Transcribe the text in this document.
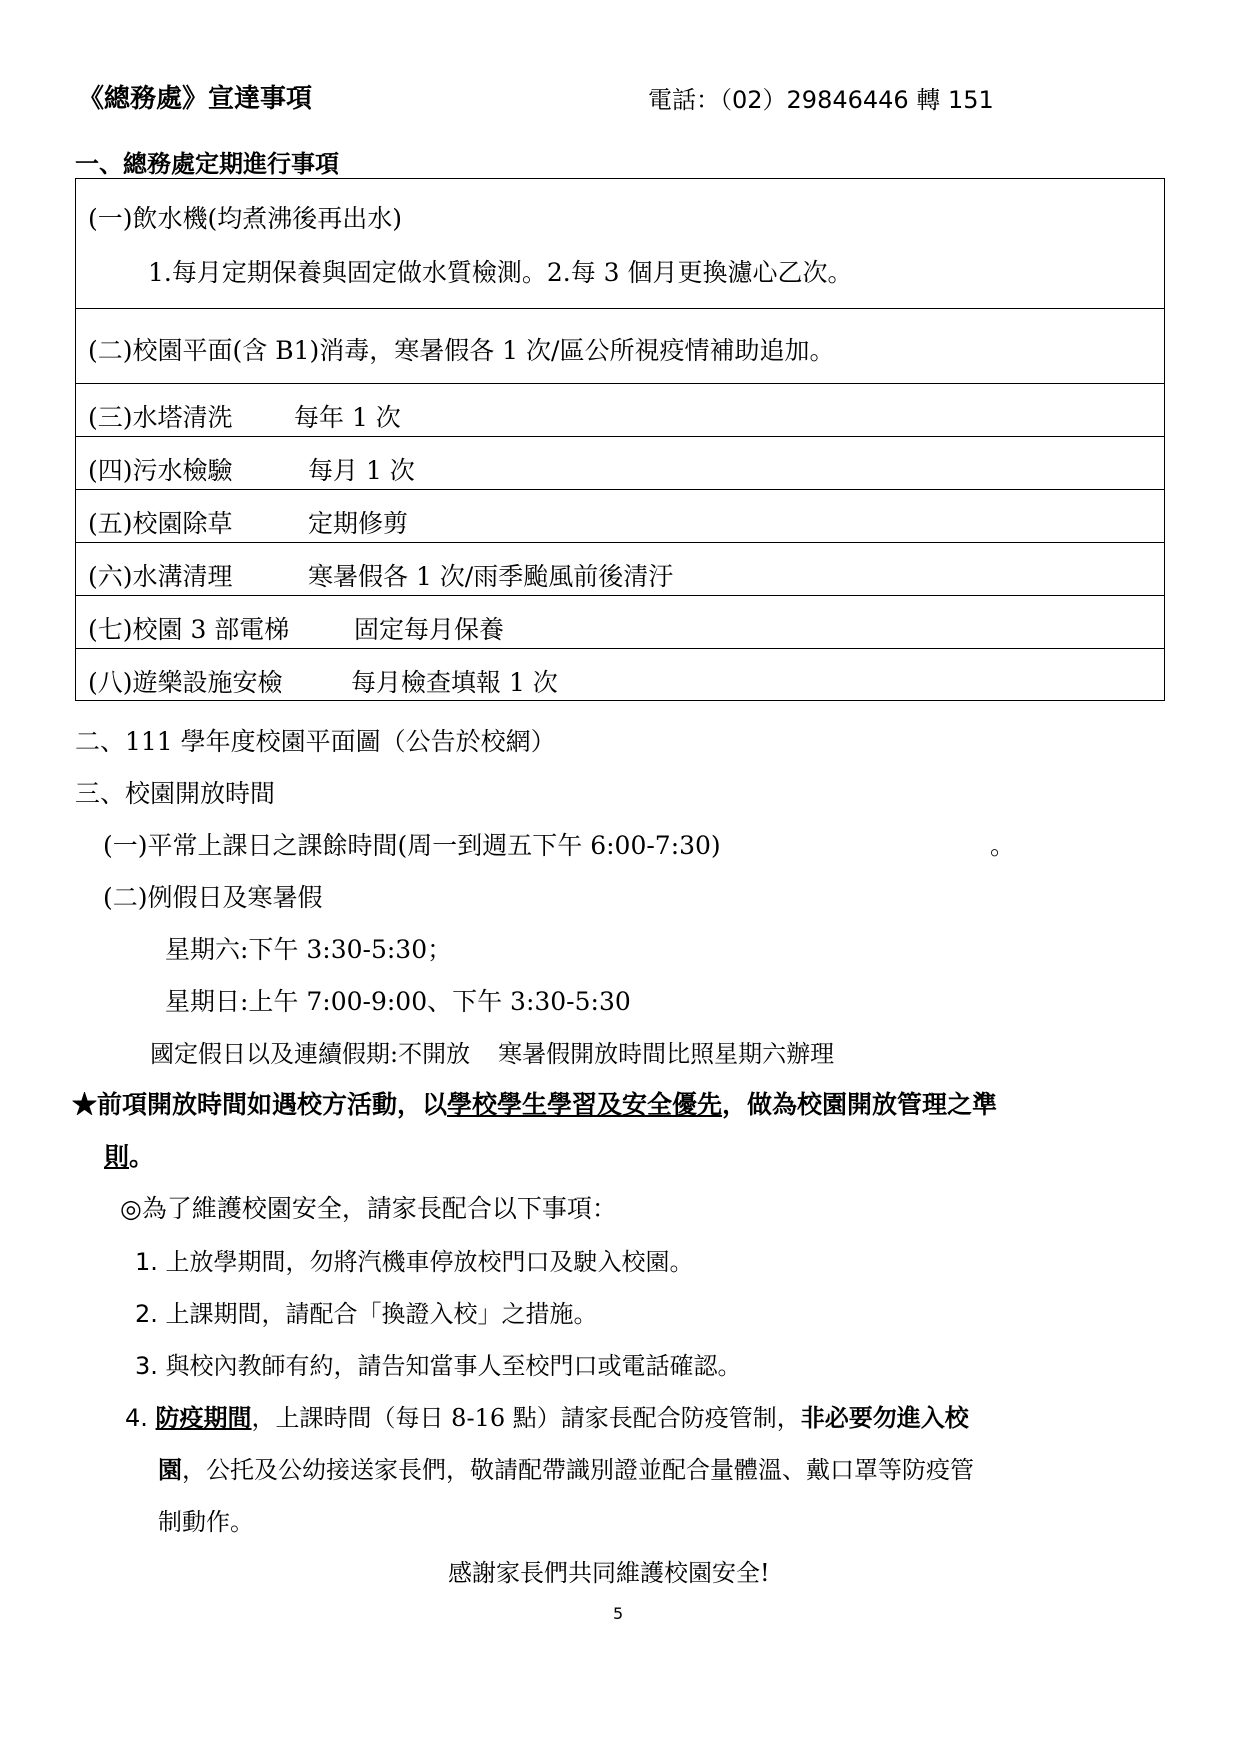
《總務處》宣達事項	電話：（02）29846446 轉 151
一、總務處定期進行事項
(一)飲水機(均煮沸後再出水)
1.每月定期保養與固定做水質檢測。2.每 3 個月更換濾心乙次。
(二)校園平面(含 B1)消毒，寒暑假各 1 次/區公所視疫情補助追加。
(三)水塔清洗 每年 1 次
(四)污水檢驗	每月 1 次
(五)校園除草	定期修剪
(六)水溝清理	寒暑假各 1 次/雨季颱風前後清汙
(七)校園 3 部電梯	固定每月保養
(八)遊樂設施安檢	每月檢查填報 1 次
二、111 學年度校園平面圖（公告於校網）
三、校園開放時間
(一)平常上課日之課餘時間(周一到週五下午 6:00-7:30)	。
(二)例假日及寒暑假
星期六:下午 3:30-5:30；
星期日:上午 7:00-9:00、下午 3:30-5:30
國定假日以及連續假期:不開放 寒暑假開放時間比照星期六辦理
★前項開放時間如遇校方活動，以學校學生學習及安全優先，做為校園開放管理之準
則。
◎為了維護校園安全，請家長配合以下事項：
1. 上放學期間，勿將汽機車停放校門口及駛入校園。
2. 上課期間，請配合「換證入校」之措施。
3. 與校內教師有約，請告知當事人至校門口或電話確認。
4. 防疫期間，上課時間（每日 8-16 點）請家長配合防疫管制，非必要勿進入校
園，公托及公幼接送家長們，敬請配帶識別證並配合量體溫、戴口罩等防疫管
制動作。
感謝家長們共同維護校園安全!
5
